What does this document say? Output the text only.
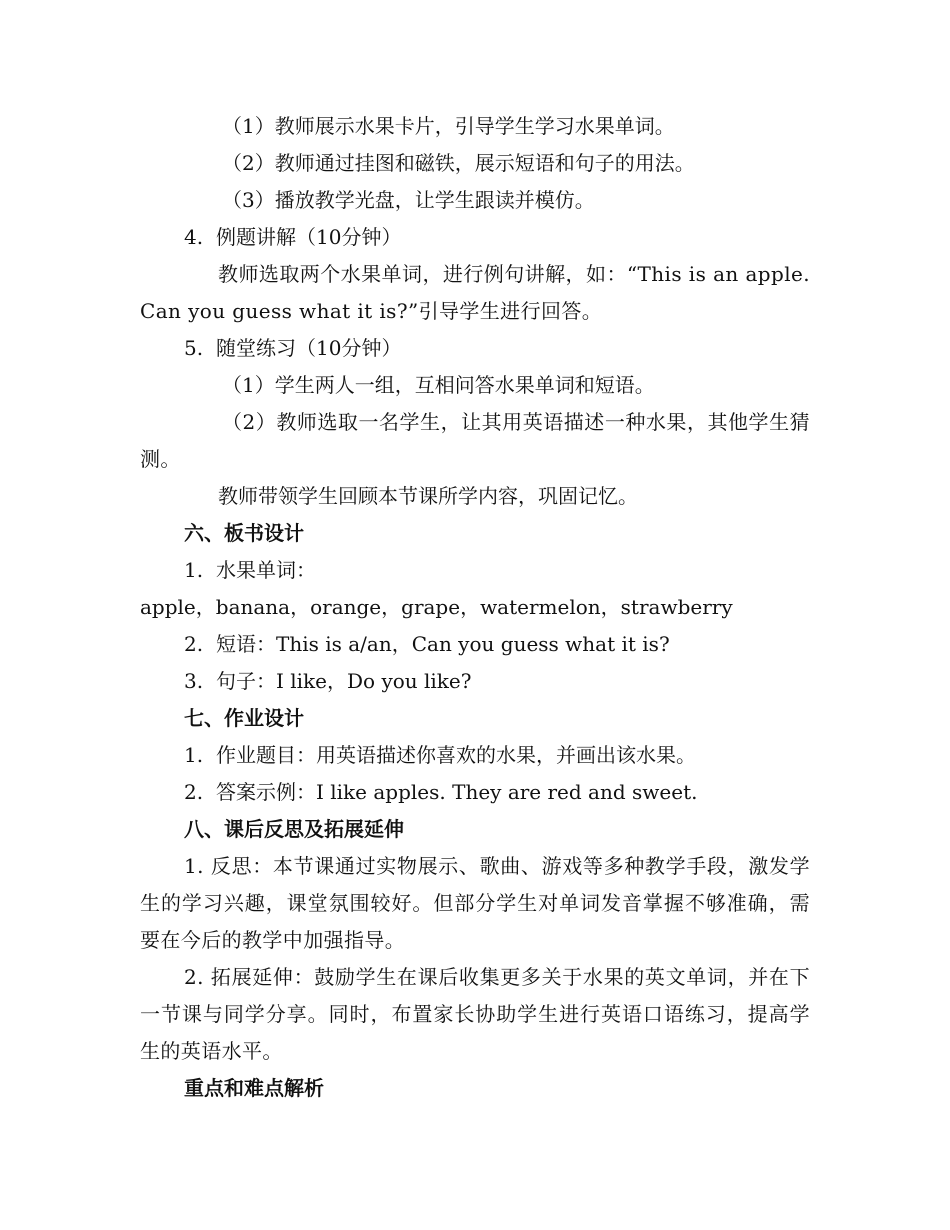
（1）教师展示水果卡片，引导学生学习水果单词。
（2）教师通过挂图和磁铁，展示短语和句子的用法。
（3）播放教学光盘，让学生跟读并模仿。
4. 例题讲解（10分钟）
教师选取两个水果单词，进行例句讲解，如：“This is an apple. Can you guess what it is?”引导学生进行回答。
5. 随堂练习（10分钟）
（1）学生两人一组，互相问答水果单词和短语。
（2）教师选取一名学生，让其用英语描述一种水果，其他学生猜测。
教师带领学生回顾本节课所学内容，巩固记忆。
六、板书设计
1. 水果单词：
apple，banana，orange，grape，watermelon，strawberry
2. 短语：This is a/an，Can you guess what it is?
3. 句子：I like，Do you like?
七、作业设计
1. 作业题目：用英语描述你喜欢的水果，并画出该水果。
2. 答案示例：I like apples. They are red and sweet.
八、课后反思及拓展延伸
1. 反思：本节课通过实物展示、歌曲、游戏等多种教学手段，激发学生的学习兴趣，课堂氛围较好。但部分学生对单词发音掌握不够准确，需要在今后的教学中加强指导。
2. 拓展延伸：鼓励学生在课后收集更多关于水果的英文单词，并在下一节课与同学分享。同时，布置家长协助学生进行英语口语练习，提高学生的英语水平。
重点和难点解析
